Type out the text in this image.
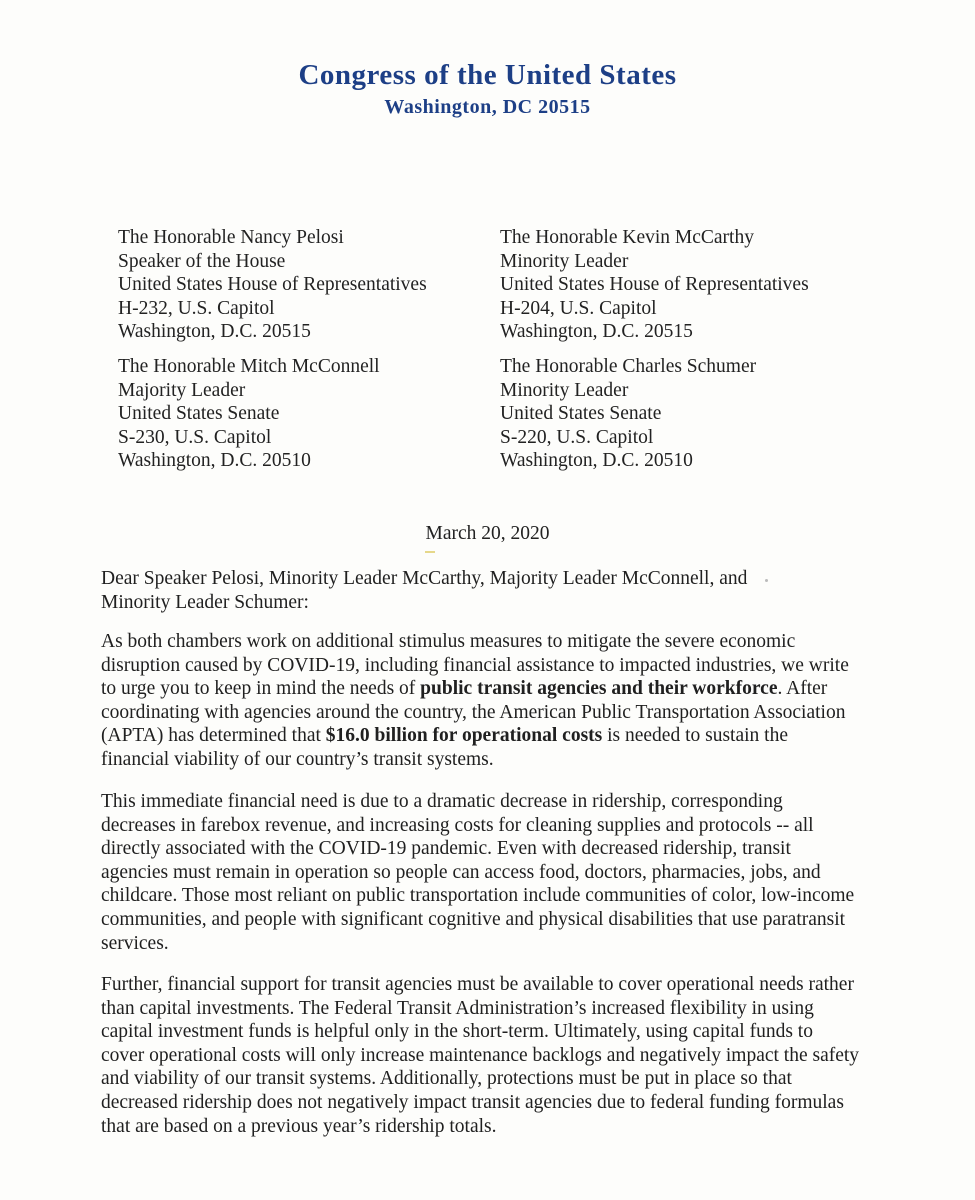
Congress of the United States
Washington, DC 20515
The Honorable Nancy Pelosi
Speaker of the House
United States House of Representatives
H-232, U.S. Capitol
Washington, D.C. 20515
The Honorable Kevin McCarthy
Minority Leader
United States House of Representatives
H-204, U.S. Capitol
Washington, D.C. 20515
The Honorable Mitch McConnell
Majority Leader
United States Senate
S-230, U.S. Capitol
Washington, D.C. 20510
The Honorable Charles Schumer
Minority Leader
United States Senate
S-220, U.S. Capitol
Washington, D.C. 20510
March 20, 2020

Dear Speaker Pelosi, Minority Leader McCarthy, Majority Leader McConnell, and

Minority Leader Schumer:

As both chambers work on additional stimulus measures to mitigate the severe economic

disruption caused by COVID-19, including financial assistance to impacted industries, we write

to urge you to keep in mind the needs of public transit agencies and their workforce. After

coordinating with agencies around the country, the American Public Transportation Association

(APTA) has determined that $16.0 billion for operational costs is needed to sustain the

financial viability of our country’s transit systems.

This immediate financial need is due to a dramatic decrease in ridership, corresponding

decreases in farebox revenue, and increasing costs for cleaning supplies and protocols -- all

directly associated with the COVID-19 pandemic. Even with decreased ridership, transit

agencies must remain in operation so people can access food, doctors, pharmacies, jobs, and

childcare. Those most reliant on public transportation include communities of color, low-income

communities, and people with significant cognitive and physical disabilities that use paratransit

services.

Further, financial support for transit agencies must be available to cover operational needs rather

than capital investments. The Federal Transit Administration’s increased flexibility in using

capital investment funds is helpful only in the short-term. Ultimately, using capital funds to

cover operational costs will only increase maintenance backlogs and negatively impact the safety

and viability of our transit systems. Additionally, protections must be put in place so that

decreased ridership does not negatively impact transit agencies due to federal funding formulas

that are based on a previous year’s ridership totals.
